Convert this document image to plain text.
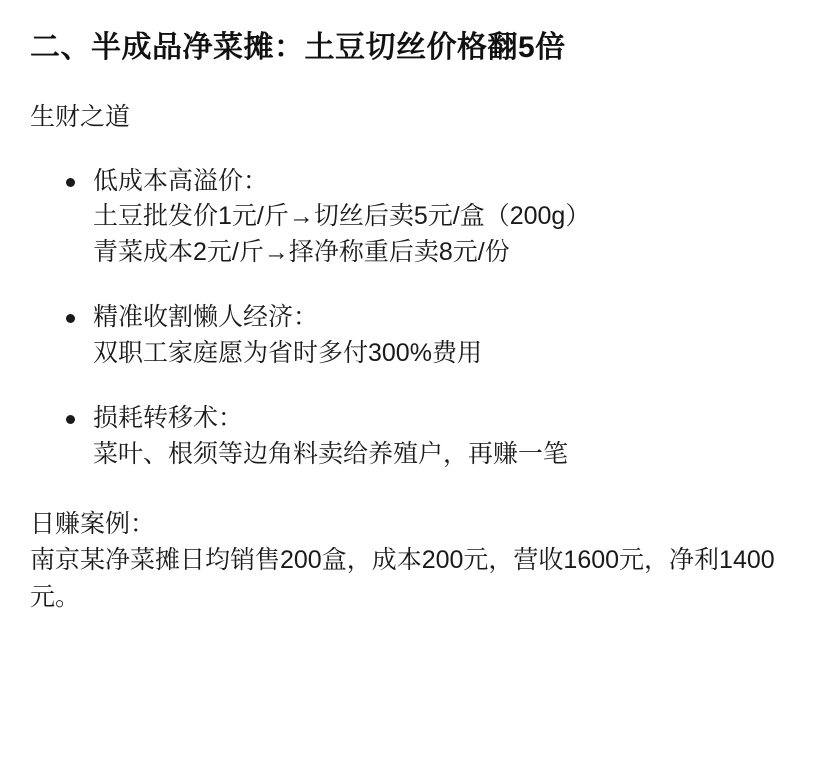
二、半成品净菜摊：土豆切丝价格翻5倍
生财之道
低成本高溢价：
土豆批发价1元/斤→切丝后卖5元/盒（200g）
青菜成本2元/斤→择净称重后卖8元/份
精准收割懒人经济：
双职工家庭愿为省时多付300%费用
损耗转移术：
菜叶、根须等边角料卖给养殖户，再赚一笔
日赚案例：
南京某净菜摊日均销售200盒，成本200元，营收1600元，净利1400元。
